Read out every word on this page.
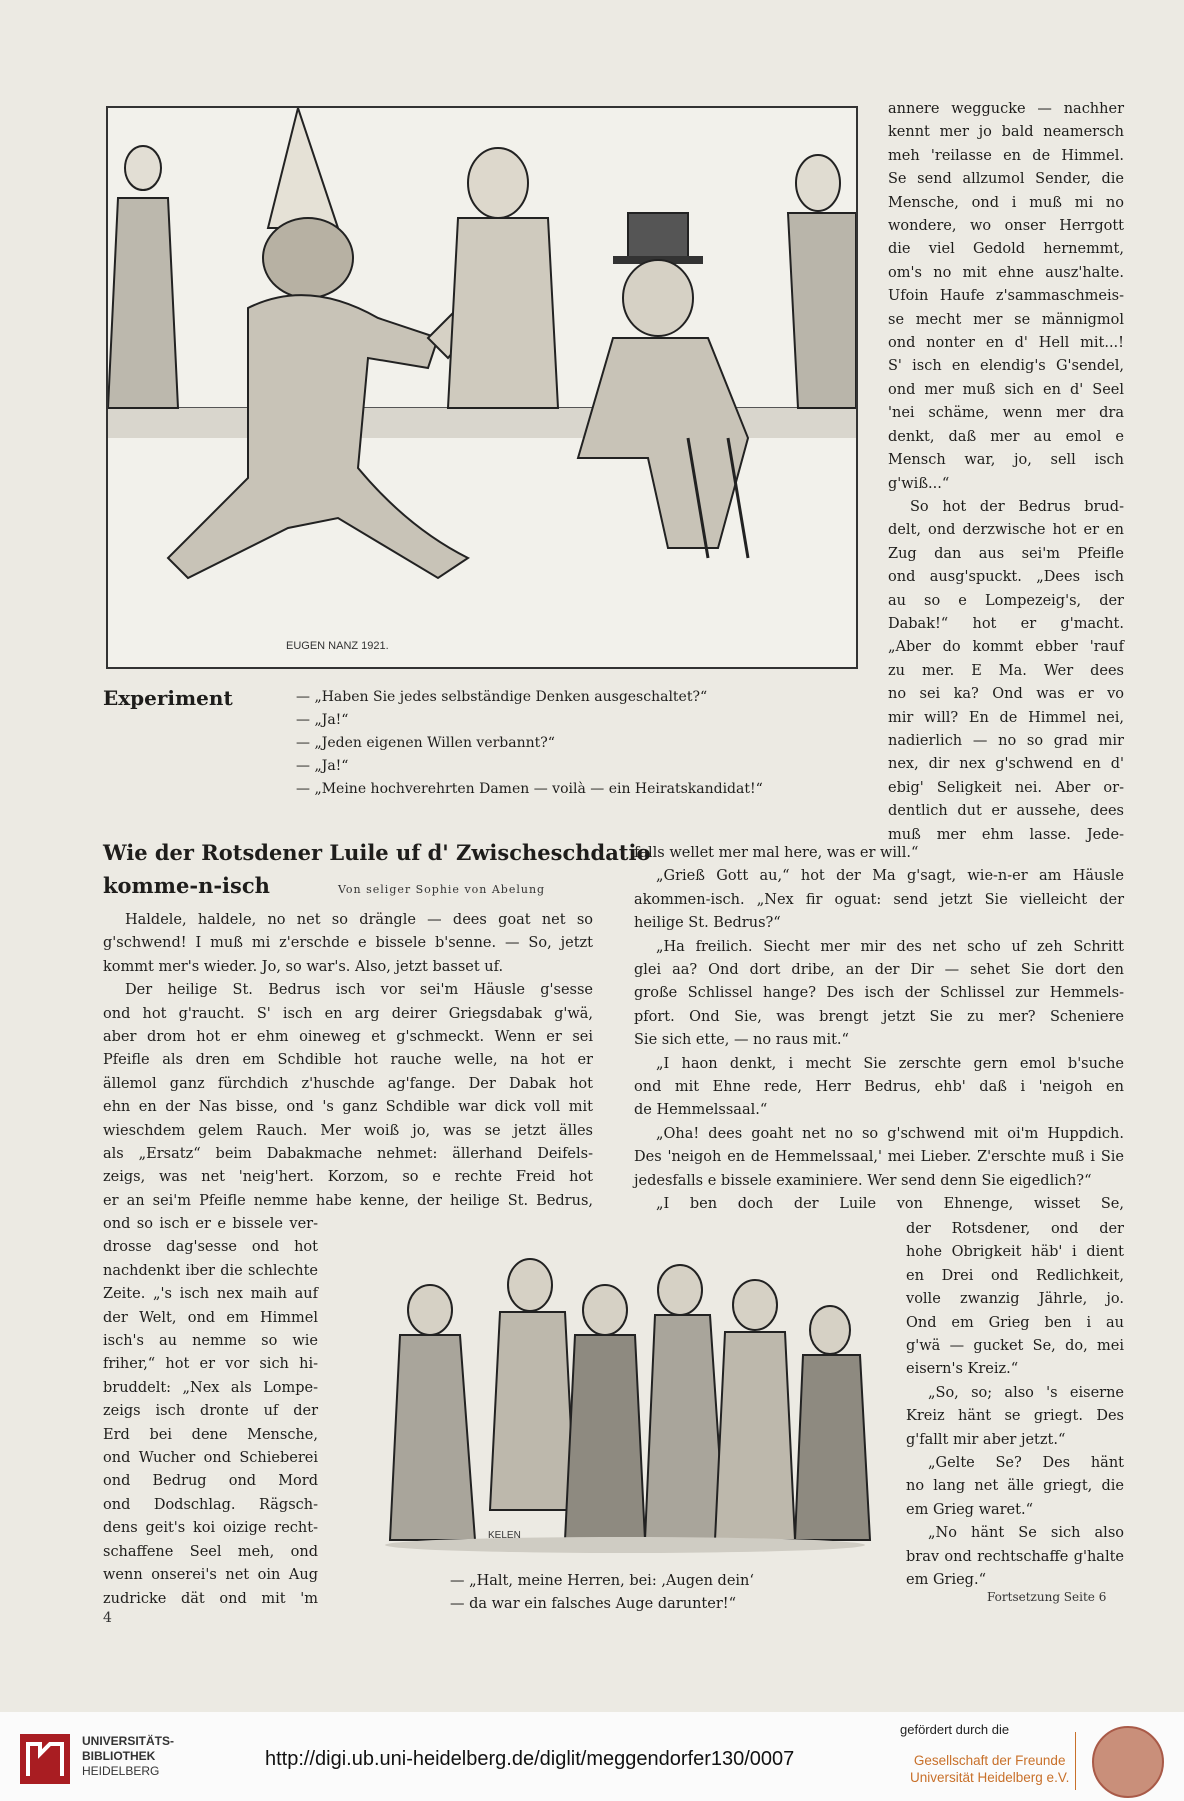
EUGEN NANZ 1921.

annere weggucke — nachher

kennt mer jo bald neamersch

meh 'reilasse en de Himmel.

Se send allzumol Sender, die

Mensche, ond i muß mi no

wondere, wo onser Herrgott

die viel Gedold hernemmt,

om's no mit ehne ausz'halte.

Ufoin Haufe z'sammaschmeis-

se mecht mer se männigmol

ond nonter en d' Hell mit...!

S' isch en elendig's G'sendel,

ond mer muß sich en d' Seel

'nei schäme, wenn mer dra

denkt, daß mer au emol e

Mensch war, jo, sell isch

g'wiß...“

So hot der Bedrus brud-

delt, ond derzwische hot er en

Zug dan aus sei'm Pfeifle

ond ausg'spuckt. „Dees isch

au so e Lompezeig's, der

Dabak!“ hot er g'macht.

„Aber do kommt ebber 'rauf

zu mer. E Ma. Wer dees

no sei ka? Ond was er vo

mir will? En de Himmel nei,

nadierlich — no so grad mir

nex, dir nex g'schwend en d'

ebig' Seligkeit nei. Aber or-

dentlich dut er aussehe, dees

muß mer ehm lasse. Jede-

Experiment	— „Haben Sie jedes selbständige Denken ausgeschaltet?“

— „Ja!“

— „Jeden eigenen Willen verbannt?“

— „Ja!“

— „Meine hochverehrten Damen — voilà — ein Heiratskandidat!“

Wie der Rotsdener Luile uf d' Zwischeschdatio
komme-n-isch	Von seliger Sophie von Abelung

Haldele, haldele, no net so drängle — dees goat net so

g'schwend! I muß mi z'erschde e bissele b'senne. — So, jetzt

kommt mer's wieder. Jo, so war's. Also, jetzt basset uf.

Der heilige St. Bedrus isch vor sei'm Häusle g'sesse

ond hot g'raucht. S' isch en arg deirer Griegsdabak g'wä,

aber drom hot er ehm oineweg et g'schmeckt. Wenn er sei

Pfeifle als dren em Schdible hot rauche welle, na hot er

ällemol ganz fürchdich z'huschde ag'fange. Der Dabak hot

ehn en der Nas bisse, ond 's ganz Schdible war dick voll mit

wieschdem gelem Rauch. Mer woiß jo, was se jetzt älles

als „Ersatz“ beim Dabakmache nehmet: ällerhand Deifels-

zeigs, was net 'neig'hert. Korzom, so e rechte Freid hot

er an sei'm Pfeifle nemme habe kenne, der heilige St. Bedrus,

ond so isch er e bissele ver-

drosse dag'sesse ond hot

nachdenkt iber die schlechte

Zeite. „'s isch nex maih auf

der Welt, ond em Himmel

isch's au nemme so wie

friher,“ hot er vor sich hi-

bruddelt: „Nex als Lompe-

zeigs isch dronte uf der

Erd bei dene Mensche,

ond Wucher ond Schieberei

ond Bedrug ond Mord

ond Dodschlag. Rägsch-

dens geit's koi oizige recht-

schaffene Seel meh, ond

wenn onserei's net oin Aug

zudricke dät ond mit 'm

falls wellet mer mal here, was er will.“

„Grieß Gott au,“ hot der Ma g'sagt, wie-n-er am Häusle

akommen-isch. „Nex fir oguat: send jetzt Sie vielleicht der

heilige St. Bedrus?“

„Ha freilich. Siecht mer mir des net scho uf zeh Schritt

glei aa? Ond dort dribe, an der Dir — sehet Sie dort den

große Schlissel hange? Des isch der Schlissel zur Hemmels-

pfort. Ond Sie, was brengt jetzt Sie zu mer? Scheniere

Sie sich ette, — no raus mit.“

„I haon denkt, i mecht Sie zerschte gern emol b'suche

ond mit Ehne rede, Herr Bedrus, ehb' daß i 'neigoh en

de Hemmelssaal.“

„Oha! dees goaht net no so g'schwend mit oi'm Huppdich.

Des 'neigoh en de Hemmelssaal,' mei Lieber. Z'erschte muß i Sie

jedesfalls e bissele examiniere. Wer send denn Sie eigedlich?“

„I ben doch der Luile von Ehnenge, wisset Se,

der Rotsdener, ond der

hohe Obrigkeit häb' i dient

en Drei ond Redlichkeit,

volle zwanzig Jährle, jo.

Ond em Grieg ben i au

g'wä — gucket Se, do, mei

eisern's Kreiz.“

„So, so; also 's eiserne

Kreiz hänt se griegt. Des

g'fallt mir aber jetzt.“

„Gelte Se? Des hänt

no lang net älle griegt, die

em Grieg waret.“

„No hänt Se sich also

brav ond rechtschaffe g'halte

em Grieg.“

KELEN

— „Halt, meine Herren, bei: ‚Augen dein‘

— da war ein falsches Auge darunter!“	Fortsetzung Seite 6
4
UNIVERSITÄTS-
BIBLIOTHEK
HEIDELBERG
http://digi.ub.uni-heidelberg.de/diglit/meggendorfer130/0007
gefördert durch die
Gesellschaft der Freunde
Universität Heidelberg e.V.
